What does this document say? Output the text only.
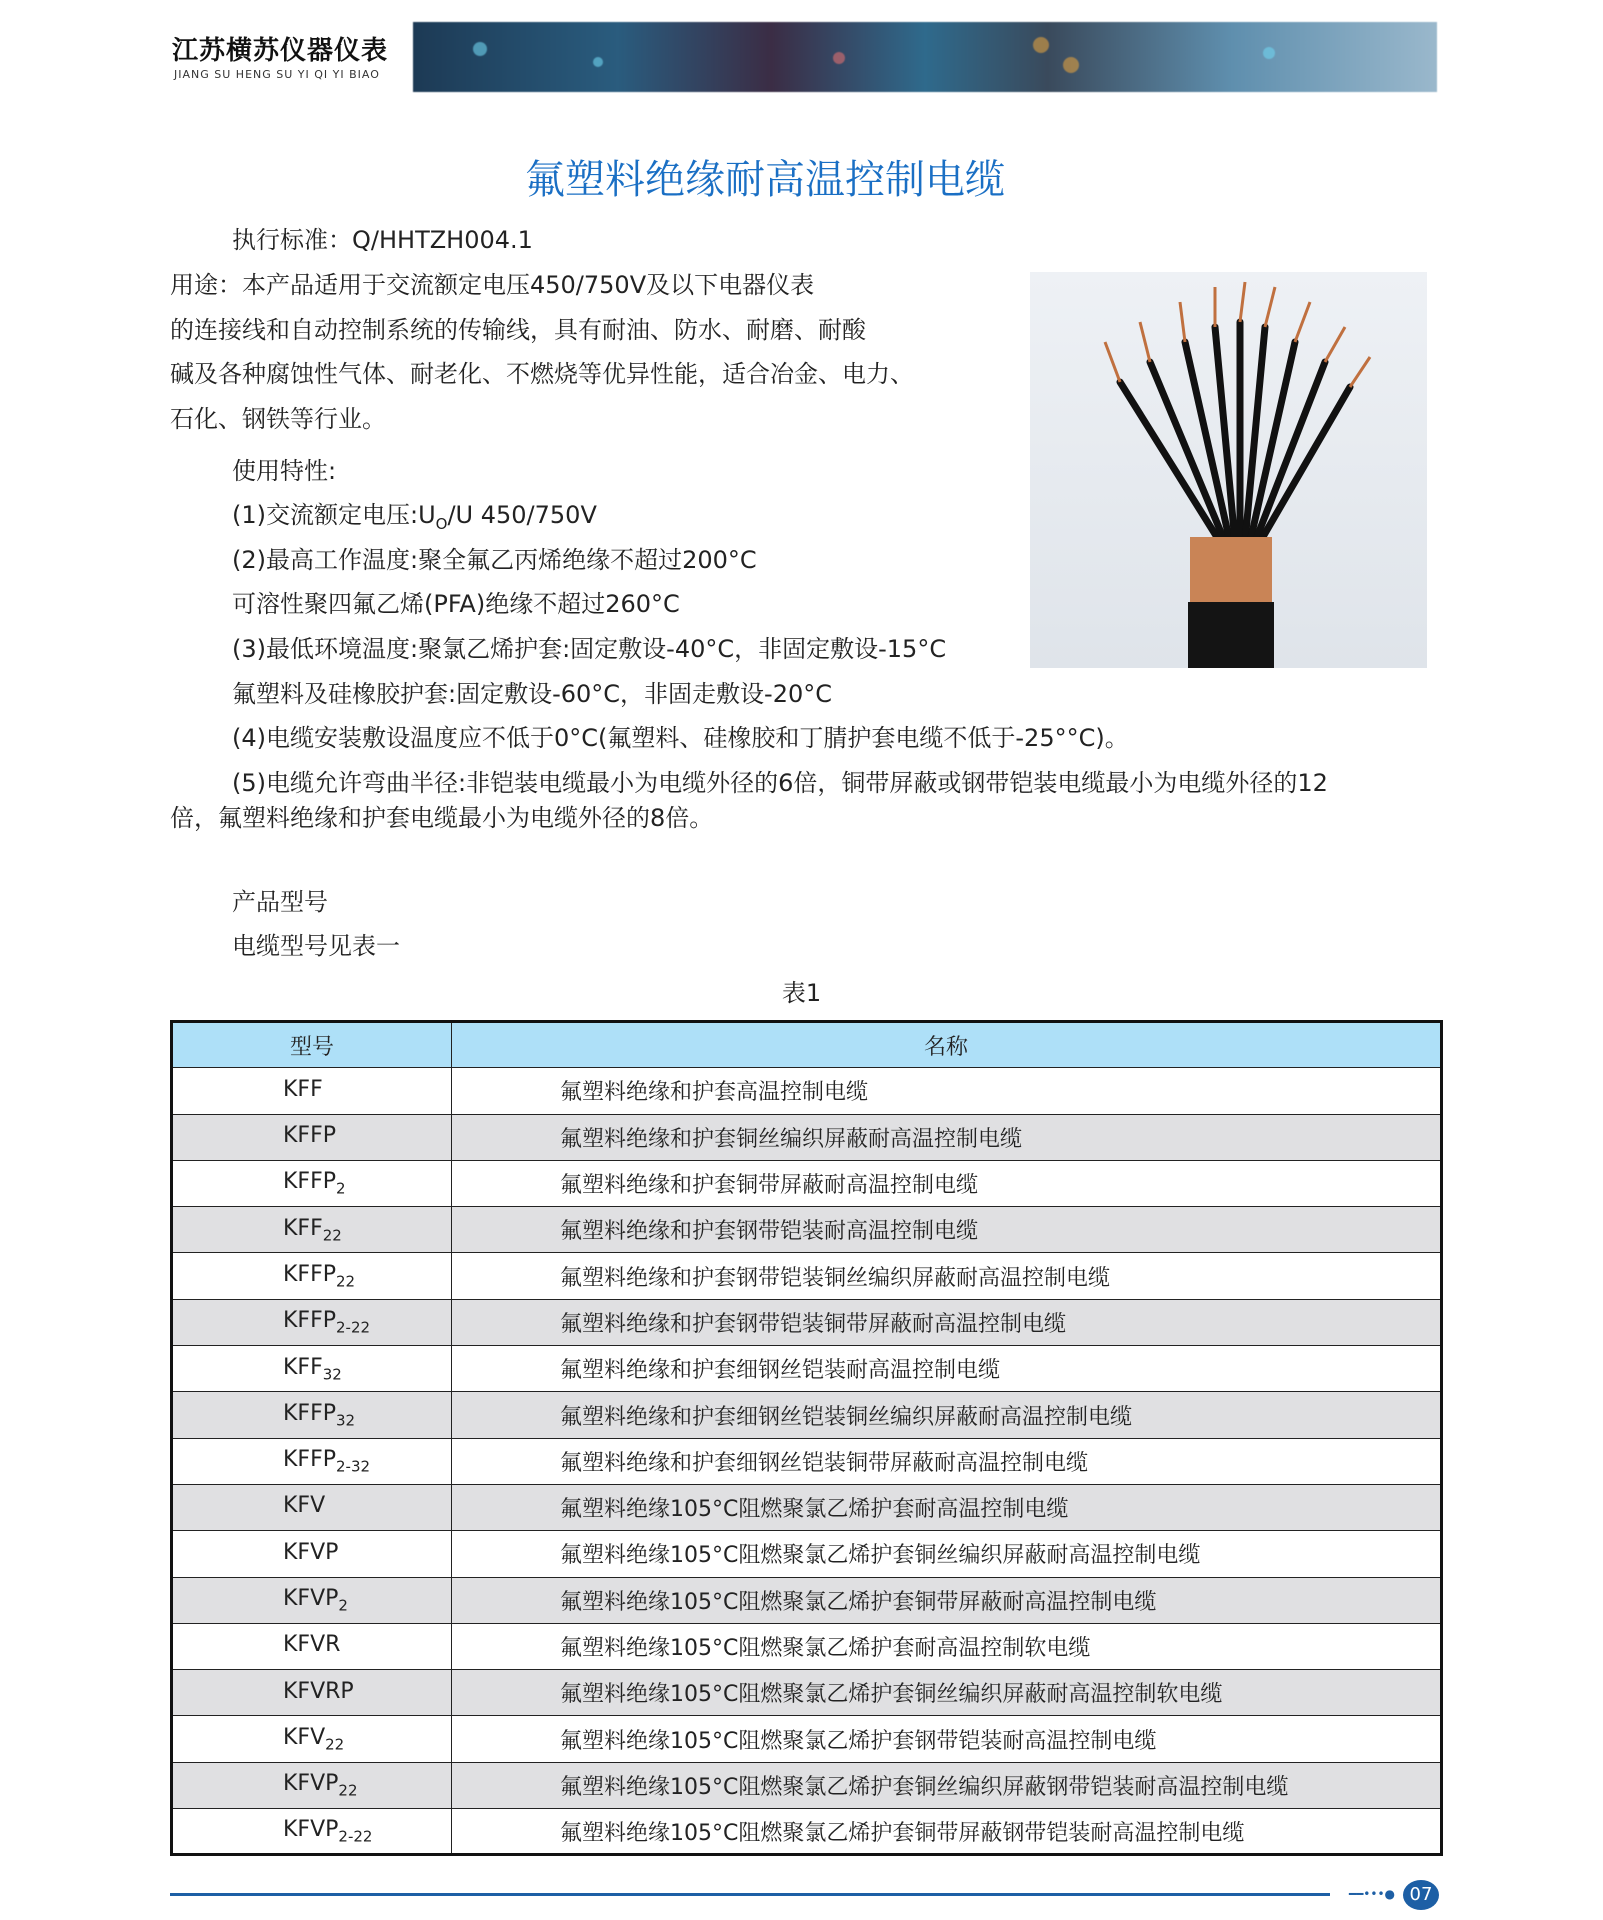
江苏横苏仪器仪表
JIANG SU HENG SU YI QI YI BIAO
氟塑料绝缘耐高温控制电缆
执行标准：Q/HHTZH004.1
用途：本产品适用于交流额定电压450/750V及以下电器仪表
的连接线和自动控制系统的传输线，具有耐油、防水、耐磨、耐酸
碱及各种腐蚀性气体、耐老化、不燃烧等优异性能，适合冶金、电力、
石化、钢铁等行业。
使用特性:
(1)交流额定电压$:U_O/U$ 450/750V
(2)最高工作温度:聚全氟乙丙烯绝缘不超过200°C
可溶性聚四氟乙烯(PFA)绝缘不超过260°C
(3)最低环境温度:聚氯乙烯护套:固定敷设-40°C，非固定敷设-15°C
氟塑料及硅橡胶护套:固定敷设-60°C，非固走敷设-20°C
(4)电缆安装敷设温度应不低于0°C(氟塑料、硅橡胶和丁腈护套电缆不低于-25°°C)。
(5)电缆允许弯曲半径:非铠装电缆最小为电缆外径的6倍，铜带屏蔽或钢带铠装电缆最小为电缆外径的12
倍，氟塑料绝缘和护套电缆最小为电缆外径的8倍。
产品型号
电缆型号见表一
表1
型号	名称
KFF	氟塑料绝缘和护套高温控制电缆
KFFP	氟塑料绝缘和护套铜丝编织屏蔽耐高温控制电缆
$KFFP_2$	氟塑料绝缘和护套铜带屏蔽耐高温控制电缆
$KFF_{22}$	氟塑料绝缘和护套钢带铠装耐高温控制电缆
$KFFP_{22}$	氟塑料绝缘和护套钢带铠装铜丝编织屏蔽耐高温控制电缆
$KFFP_{2-22}$	氟塑料绝缘和护套钢带铠装铜带屏蔽耐高温控制电缆
$KFF_{32}$	氟塑料绝缘和护套细钢丝铠装耐高温控制电缆
$KFFP_{32}$	氟塑料绝缘和护套细钢丝铠装铜丝编织屏蔽耐高温控制电缆
$KFFP_{2-32}$	氟塑料绝缘和护套细钢丝铠装铜带屏蔽耐高温控制电缆
KFV	氟塑料绝缘105°C阻燃聚氯乙烯护套耐高温控制电缆
KFVP	氟塑料绝缘105°C阻燃聚氯乙烯护套铜丝编织屏蔽耐高温控制电缆
$KFVP_2$	氟塑料绝缘105°C阻燃聚氯乙烯护套铜带屏蔽耐高温控制电缆
KFVR	氟塑料绝缘105°C阻燃聚氯乙烯护套耐高温控制软电缆
KFVRP	氟塑料绝缘105°C阻燃聚氯乙烯护套铜丝编织屏蔽耐高温控制软电缆
$KFV_{22}$	氟塑料绝缘105°C阻燃聚氯乙烯护套钢带铠装耐高温控制电缆
$KFVP_{22}$	氟塑料绝缘105°C阻燃聚氯乙烯护套铜丝编织屏蔽钢带铠装耐高温控制电缆
$KFVP_{2-22}$	氟塑料绝缘105°C阻燃聚氯乙烯护套铜带屏蔽钢带铠装耐高温控制电缆
━━•••● 07
